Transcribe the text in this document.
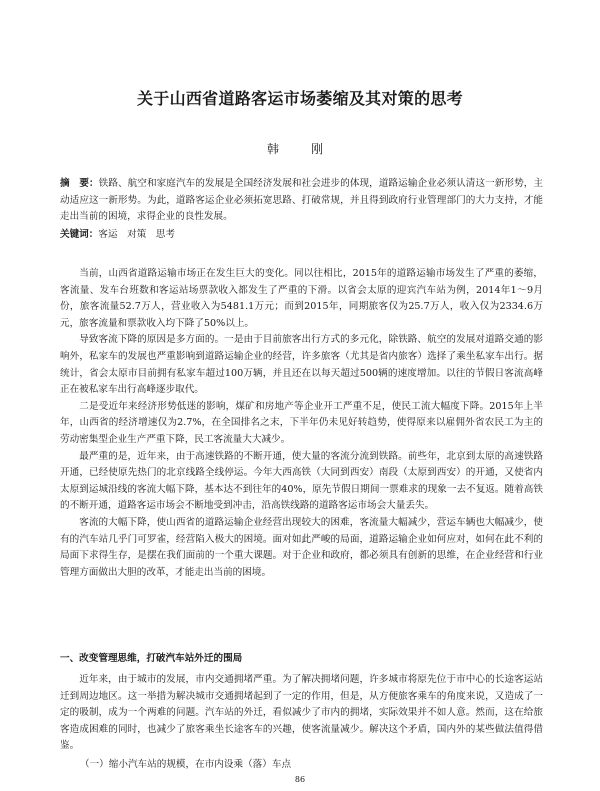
关于山西省道路客运市场萎缩及其对策的思考
韩　刚
摘　要：铁路、航空和家庭汽车的发展是全国经济发展和社会进步的体现，道路运输企业必须认清这一新形势，主动适应这一新形势。为此，道路客运企业必须拓宽思路、打破常规，并且得到政府行业管理部门的大力支持，才能走出当前的困境，求得企业的良性发展。
关键词：客运　对策　思考

当前，山西省道路运输市场正在发生巨大的变化。同以往相比，2015年的道路运输市场发生了严重的萎缩，客流量、发车台班数和客运站场票款收入都发生了严重的下滑。以省会太原的迎宾汽车站为例，2014年1～9月份，旅客流量52.7万人，营业收入为5481.1万元；而到2015年，同期旅客仅为25.7万人，收入仅为2334.6万元，旅客流量和票款收入均下降了50%以上。

导致客流下降的原因是多方面的。一是由于目前旅客出行方式的多元化，除铁路、航空的发展对道路交通的影响外，私家车的发展也严重影响到道路运输企业的经营，许多旅客（尤其是省内旅客）选择了乘坐私家车出行。据统计，省会太原市目前拥有私家车超过100万辆，并且还在以每天超过500辆的速度增加。以往的节假日客流高峰正在被私家车出行高峰逐步取代。

二是受近年来经济形势低迷的影响，煤矿和房地产等企业开工严重不足，使民工流大幅度下降。2015年上半年，山西省的经济增速仅为2.7%，在全国排名之末，下半年仍未见好转趋势，使得原来以雇佣外省农民工为主的劳动密集型企业生产严重下降，民工客流量大大减少。

最严重的是，近年来，由于高速铁路的不断开通，使大量的客流分流到铁路。前些年，北京到太原的高速铁路开通，已经使原先热门的北京线路全线停运。今年大西高铁（大同到西安）南段（太原到西安）的开通，又使省内太原到运城沿线的客流大幅下降，基本达不到往年的40%，原先节假日期间一票难求的现象一去不复返。随着高铁的不断开通，道路客运市场会不断地受到冲击，沿高铁线路的道路客运市场会大量丢失。

客流的大幅下降，使山西省的道路运输企业经营出现较大的困难，客流量大幅减少，营运车辆也大幅减少，使有的汽车站几乎门可罗雀，经营陷入极大的困境。面对如此严峻的局面，道路运输企业如何应对，如何在此不利的局面下求得生存，是摆在我们面前的一个重大课题。对于企业和政府，都必须具有创新的思维，在企业经营和行业管理方面做出大胆的改革，才能走出当前的困境。

一、改变管理思维，打破汽车站外迁的围局

近年来，由于城市的发展，市内交通拥堵严重。为了解决拥堵问题，许多城市将原先位于市中心的长途客运站迁到周边地区。这一举措为解决城市交通拥堵起到了一定的作用，但是，从方便旅客乘车的角度来说，又造成了一定的吸制，成为一个两难的问题。汽车站的外迁，看似减少了市内的拥堵，实际效果并不如人意。然而，这在给旅客造成困难的同时，也减少了旅客乘坐长途客车的兴趣，使客流量减少。解决这个矛盾，国内外的某些做法值得借鉴。

（一）缩小汽车站的规模，在市内设乘（落）车点
86
